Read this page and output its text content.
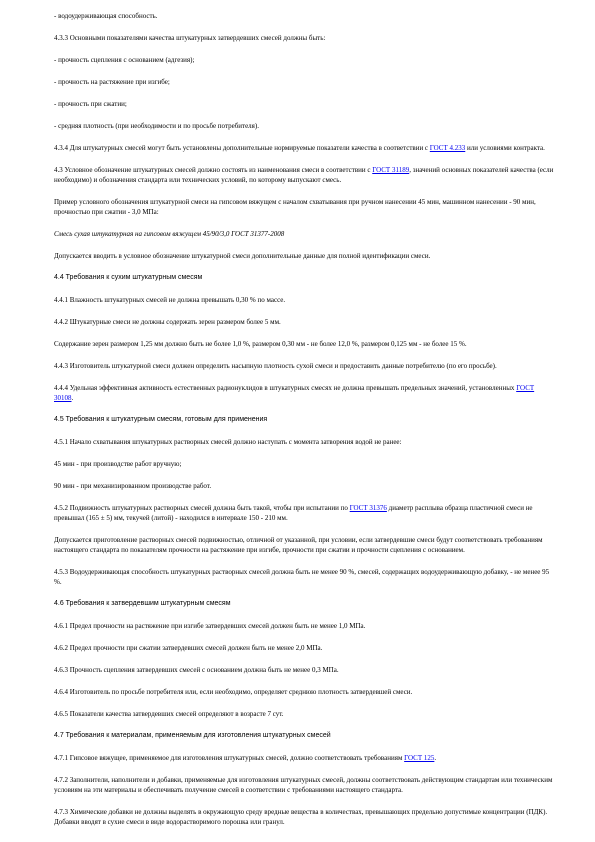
- водоудерживающая способность.

4.3.3 Основными показателями качества штукатурных затвердевших смесей должны быть:

- прочность сцепления с основанием (адгезия);

- прочность на растяжение при изгибе;

- прочность при сжатии;

- средняя плотность (при необходимости и по просьбе потребителя).

4.3.4 Для штукатурных смесей могут быть установлены дополнительные нормируемые показатели качества в соответствии с ГОСТ 4.233 или условиями контракта.

4.3 Условное обозначение штукатурных смесей должно состоять из наименования смеси в соответствии с ГОСТ 31189, значений основных показателей качества (если необходимо) и обозначения стандарта или технических условий, по которому выпускают смесь.

Пример условного обозначения штукатурной смеси на гипсовом вяжущем с началом схватывания при ручном нанесении 45 мин, машинном нанесении - 90 мин, прочностью при сжатии - 3,0 МПа:

Смесь сухая штукатурная на гипсовом вяжущем 45/90/3,0 ГОСТ 31377-2008

Допускается вводить в условное обозначение штукатурной смеси дополнительные данные для полной идентификации смеси.

4.4 Требования к сухим штукатурным смесям

4.4.1 Влажность штукатурных смесей не должна превышать 0,30 % по массе.

4.4.2 Штукатурные смеси не должны содержать зерен размером более 5 мм.

Содержание зерен размером 1,25 мм должно быть не более 1,0 %, размером 0,30 мм - не более 12,0 %, размером 0,125 мм - не более 15 %.

4.4.3 Изготовитель штукатурной смеси должен определить насыпную плотность сухой смеси и предоставить данные потребителю (по его просьбе).

4.4.4 Удельная эффективная активность естественных радионуклидов в штукатурных смесях не должна превышать предельных значений, установленных ГОСТ 30108.

4.5 Требования к штукатурным смесям, готовым для применения

4.5.1 Начало схватывания штукатурных растворных смесей должно наступать с момента затворения водой не ранее:

45 мин - при производстве работ вручную;

90 мин - при механизированном производстве работ.

4.5.2 Подвижность штукатурных растворных смесей должна быть такой, чтобы при испытании по ГОСТ 31376 диаметр расплыва образца пластичной смеси не превышал (165 ± 5) мм, текучей (литой) - находился в интервале 150 - 210 мм.

Допускается приготовление растворных смесей подвижностью, отличной от указанной, при условии, если затвердевшие смеси будут соответствовать требованиям настоящего стандарта по показателям прочности на растяжение при изгибе, прочности при сжатии и прочности сцепления с основанием.

4.5.3 Водоудерживающая способность штукатурных растворных смесей должна быть не менее 90 %, смесей, содержащих водоудерживающую добавку, - не менее 95 %.

4.6 Требования к затвердевшим штукатурным смесям

4.6.1 Предел прочности на растяжение при изгибе затвердевших смесей должен быть не менее 1,0 МПа.

4.6.2 Предел прочности при сжатии затвердевших смесей должен быть не менее 2,0 МПа.

4.6.3 Прочность сцепления затвердевших смесей с основанием должна быть не менее 0,3 МПа.

4.6.4 Изготовитель по просьбе потребителя или, если необходимо, определяет среднюю плотность затвердевшей смеси.

4.6.5 Показатели качества затвердевших смесей определяют в возрасте 7 сут.

4.7 Требования к материалам, применяемым для изготовления штукатурных смесей

4.7.1 Гипсовое вяжущее, применяемое для изготовления штукатурных смесей, должно соответствовать требованиям ГОСТ 125.

4.7.2 Заполнители, наполнители и добавки, применяемые для изготовления штукатурных смесей, должны соответствовать действующим стандартам или техническим условиям на эти материалы и обеспечивать получение смесей в соответствии с требованиями настоящего стандарта.

4.7.3 Химические добавки не должны выделять в окружающую среду вредные вещества в количествах, превышающих предельно допустимые концентрации (ПДК). Добавки вводят в сухие смеси в виде водорастворимого порошка или гранул.
